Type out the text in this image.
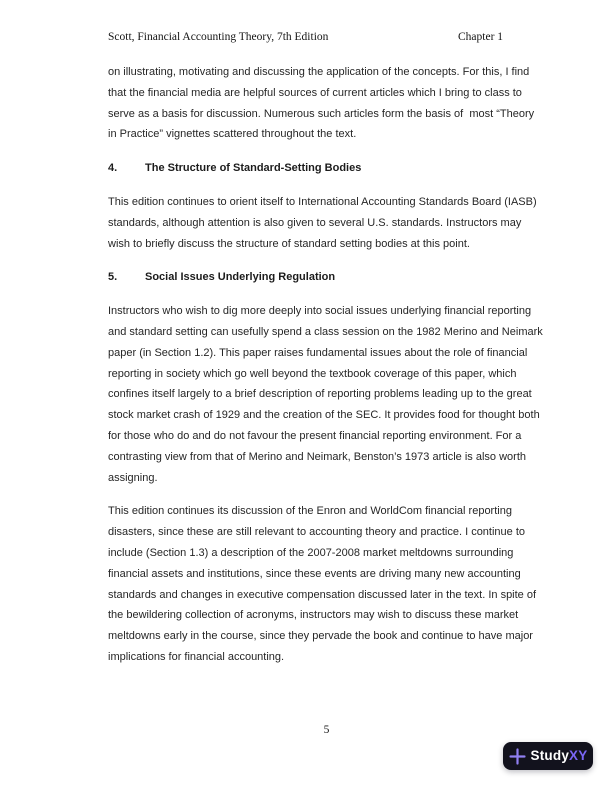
Scott, Financial Accounting Theory, 7th Edition	Chapter 1

on illustrating, motivating and discussing the application of the concepts. For this, I find that the financial media are helpful sources of current articles which I bring to class to serve as a basis for discussion. Numerous such articles form the basis of  most “Theory in Practice” vignettes scattered throughout the text.

4.	The Structure of Standard-Setting Bodies

This edition continues to orient itself to International Accounting Standards Board (IASB) standards, although attention is also given to several U.S. standards. Instructors may wish to briefly discuss the structure of standard setting bodies at this point.

5.	Social Issues Underlying Regulation

Instructors who wish to dig more deeply into social issues underlying financial reporting and standard setting can usefully spend a class session on the 1982 Merino and Neimark paper (in Section 1.2). This paper raises fundamental issues about the role of financial reporting in society which go well beyond the textbook coverage of this paper, which confines itself largely to a brief description of reporting problems leading up to the great stock market crash of 1929 and the creation of the SEC. It provides food for thought both for those who do and do not favour the present financial reporting environment. For a contrasting view from that of Merino and Neimark, Benston’s 1973 article is also worth assigning.

This edition continues its discussion of the Enron and WorldCom financial reporting disasters, since these are still relevant to accounting theory and practice. I continue to include (Section 1.3) a description of the 2007-2008 market meltdowns surrounding financial assets and institutions, since these events are driving many new accounting standards and changes in executive compensation discussed later in the text. In spite of the bewildering collection of acronyms, instructors may wish to discuss these market meltdowns early in the course, since they pervade the book and continue to have major implications for financial accounting.

5
StudyXY
